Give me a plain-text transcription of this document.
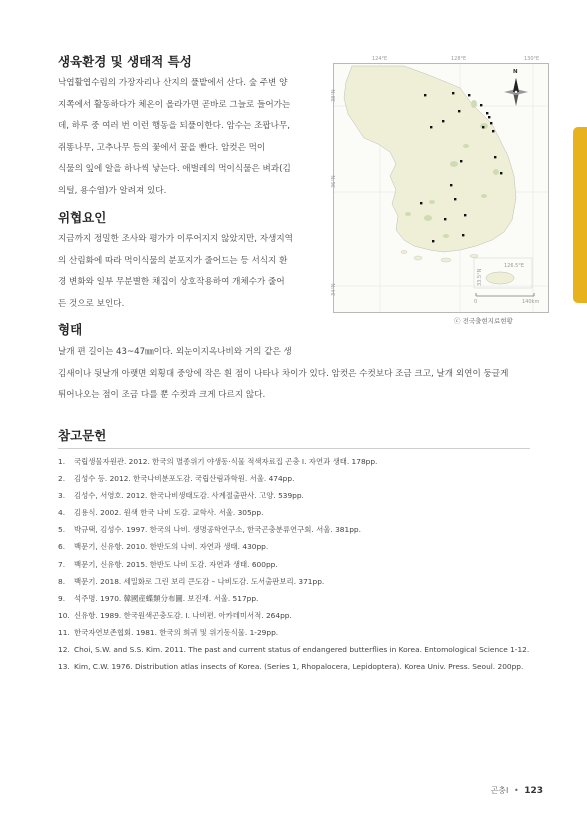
생육환경 및 생태적 특성
낙엽활엽수림의 가장자리나 산지의 풀밭에서 산다. 숲 주변 양
지쪽에서 활동하다가 체온이 올라가면 곧바로 그늘로 들어가는
데, 하루 중 여러 번 이런 행동을 되풀이한다. 암수는 조팝나무,
쥐똥나무, 고추나무 등의 꽃에서 꿀을 빤다. 암컷은 먹이
식물의 잎에 알을 하나씩 낳는다. 애벌레의 먹이식물은 벼과(김
의털, 용수염)가 알려져 있다.
위협요인
지금까지 정밀한 조사와 평가가 이루어지지 않았지만, 자생지역
의 산림화에 따라 먹이식물의 분포지가 줄어드는 등 서식지 환
경 변화와 일부 무분별한 채집이 상호작용하여 개체수가 줄어
든 것으로 보인다.
형태
날개 편 길이는 43~47㎜이다. 외눈이지옥나비와 거의 같은 생
김새이나 뒷날개 아랫면 외횡대 중앙에 작은 흰 점이 나타나 차이가 있다. 암컷은 수컷보다 조금 크고, 날개 외연이 둥글게
튀어나오는 점이 조금 다를 뿐 수컷과 크게 다르지 않다.
124°E	128°E	130°E
38°N
36°N
34°N
N
126.5°E
33.5°N
0	140km
ⓒ 전국출현지료현황
참고문헌
1. 국립생물자원관. 2012. 한국의 멸종위기 야생동·식물 적색자료집 곤충 I. 자연과 생태. 178pp.
2. 김성수 등. 2012. 한국나비분포도감. 국립산림과학원. 서울. 474pp.
3. 김성수, 서영호. 2012. 한국나비생태도감. 사계절출판사. 고양. 539pp.
4. 김용식. 2002. 원색 한국 나비 도감. 교학사. 서울. 305pp.
5. 박규택, 김성수. 1997. 한국의 나비. 생명공학연구소, 한국곤충분류연구회. 서울. 381pp.
6. 백문기, 신유항. 2010. 한반도의 나비. 자연과 생태. 430pp.
7. 백문기, 신유항. 2015. 한반도 나비 도감. 자연과 생태. 600pp.
8. 백문기. 2018. 세밀화로 그린 보리 큰도감 – 나비도감. 도서출판보리. 371pp.
9. 석주명. 1970. 韓國産蝶類分布圖. 보진재. 서울. 517pp.
10. 신유항. 1989. 한국원색곤충도감. I. 나비편. 아카데미서적. 264pp.
11. 한국자연보존협회. 1981. 한국의 희귀 및 위기동식물. 1-29pp.
12. Choi, S.W. and S.S. Kim. 2011. The past and current status of endangered butterflies in Korea. Entomological Science 1-12.
13. Kim, C.W. 1976. Distribution atlas insects of Korea. (Series 1, Rhopalocera, Lepidoptera). Korea Univ. Press. Seoul. 200pp.
곤충Ⅰ • 123
